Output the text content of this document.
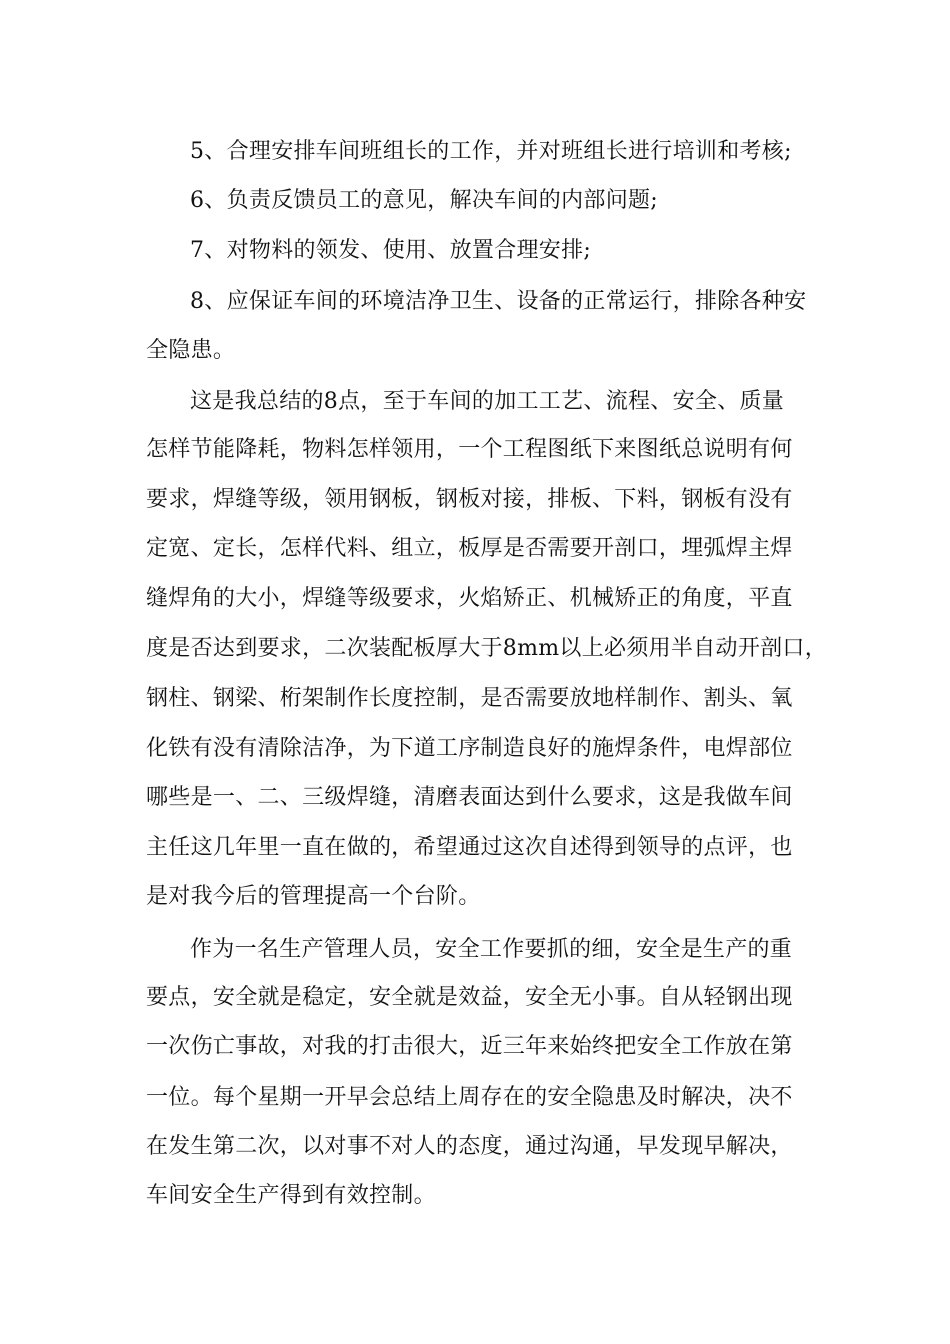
5、合理安排车间班组长的工作，并对班组长进行培训和考核;
6、负责反馈员工的意见，解决车间的内部问题;
7、对物料的领发、使用、放置合理安排;
8、应保证车间的环境洁净卫生、设备的正常运行，排除各种安
全隐患。
这是我总结的8点，至于车间的加工工艺、流程、安全、质量
怎样节能降耗，物料怎样领用，一个工程图纸下来图纸总说明有何
要求，焊缝等级，领用钢板，钢板对接，排板、下料，钢板有没有
定宽、定长，怎样代料、组立，板厚是否需要开剖口，埋弧焊主焊
缝焊角的大小，焊缝等级要求，火焰矫正、机械矫正的角度，平直
度是否达到要求，二次装配板厚大于8mm以上必须用半自动开剖口，
钢柱、钢梁、桁架制作长度控制，是否需要放地样制作、割头、氧
化铁有没有清除洁净，为下道工序制造良好的施焊条件，电焊部位
哪些是一、二、三级焊缝，清磨表面达到什么要求，这是我做车间
主任这几年里一直在做的，希望通过这次自述得到领导的点评，也
是对我今后的管理提高一个台阶。
作为一名生产管理人员，安全工作要抓的细，安全是生产的重
要点，安全就是稳定，安全就是效益，安全无小事。自从轻钢出现
一次伤亡事故，对我的打击很大，近三年来始终把安全工作放在第
一位。每个星期一开早会总结上周存在的安全隐患及时解决，决不
在发生第二次，以对事不对人的态度，通过沟通，早发现早解决，
车间安全生产得到有效控制。
